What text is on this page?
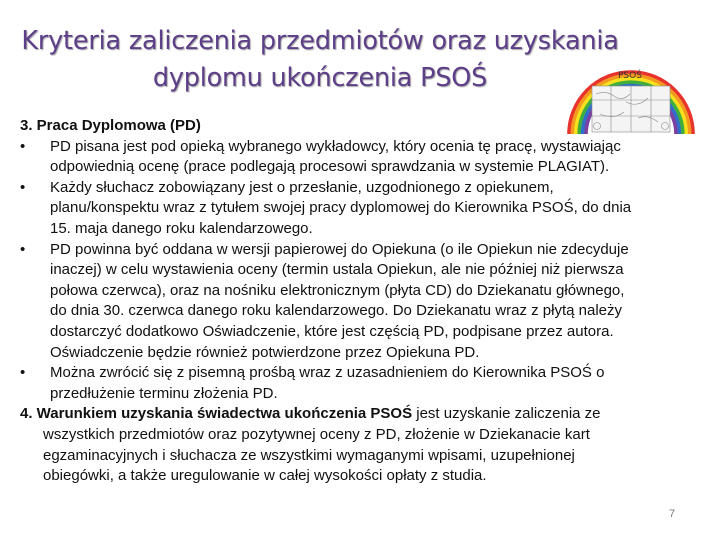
Kryteria zaliczenia przedmiotów oraz uzyskania
dyplomu ukończenia PSOŚ	PSOŚ
3. Praca Dyplomowa (PD)
• PD pisana jest pod opieką wybranego wykładowcy, który ocenia tę pracę, wystawiając
odpowiednią ocenę (prace podlegają procesowi sprawdzania w systemie PLAGIAT).
• Każdy słuchacz zobowiązany jest o przesłanie, uzgodnionego z opiekunem,
planu/konspektu wraz z tytułem swojej pracy dyplomowej do Kierownika PSOŚ, do dnia
15. maja danego roku kalendarzowego.
• PD powinna być oddana w wersji papierowej do Opiekuna (o ile Opiekun nie zdecyduje
inaczej) w celu wystawienia oceny (termin ustala Opiekun, ale nie później niż pierwsza
połowa czerwca), oraz na nośniku elektronicznym (płyta CD) do Dziekanatu głównego,
do dnia 30. czerwca danego roku kalendarzowego. Do Dziekanatu wraz z płytą należy
dostarczyć dodatkowo Oświadczenie, które jest częścią PD, podpisane przez autora.
Oświadczenie będzie również potwierdzone przez Opiekuna PD.
• Można zwrócić się z pisemną prośbą wraz z uzasadnieniem do Kierownika PSOŚ o
przedłużenie terminu złożenia PD.
4. Warunkiem uzyskania świadectwa ukończenia PSOŚ jest uzyskanie zaliczenia ze
wszystkich przedmiotów oraz pozytywnej oceny z PD, złożenie w Dziekanacie kart
egzaminacyjnych i słuchacza ze wszystkimi wymaganymi wpisami, uzupełnionej
obiegówki, a także uregulowanie w całej wysokości opłaty z studia.
7
